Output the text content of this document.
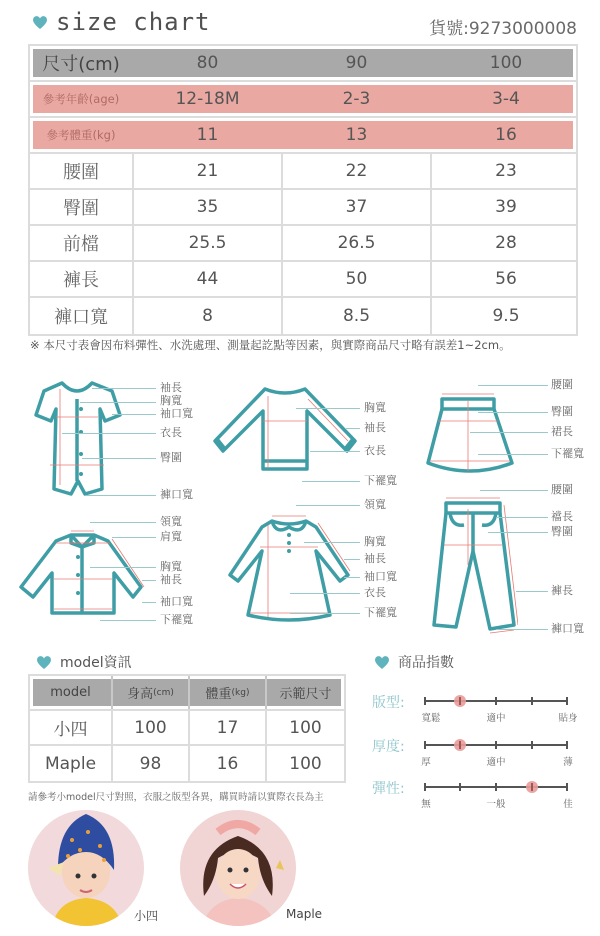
size chart	貨號:9273000008
尺寸(cm)	80	90	100
參考年齡(age)	12-18M	2-3	3-4
參考體重(kg)	11	13	16
腰圍	21	22	23
臀圍	35	37	39
前檔	25.5	26.5	28
褲長	44	50	56
褲口寬	8	8.5	9.5
※ 本尺寸表會因布料彈性、水洗處理、測量起訖點等因素，與實際商品尺寸略有誤差1~2cm。
袖長
胸寬
袖口寬
衣長
臀圍
褲口寬
胸寬
袖長
衣長
下襬寬
腰圍
臀圍
裙長
下襬寬
領寬
肩寬
胸寬
袖長
袖口寬
下襬寬
領寬
胸寬
袖長
袖口寬
衣長
下襬寬
腰圍
襠長
臀圍
褲長
褲口寬
model資訊
model	身高 (cm) 體重 (kg) 示範尺寸
小四	100	17	100
Maple	98	16	100
請參考小model尺寸對照，衣服之版型各異，購買時請以實際衣長為主
商品指數
版型:
寬鬆	適中	貼身
厚度:
厚	適中	薄
彈性:
無	一般	佳
小四	Maple
